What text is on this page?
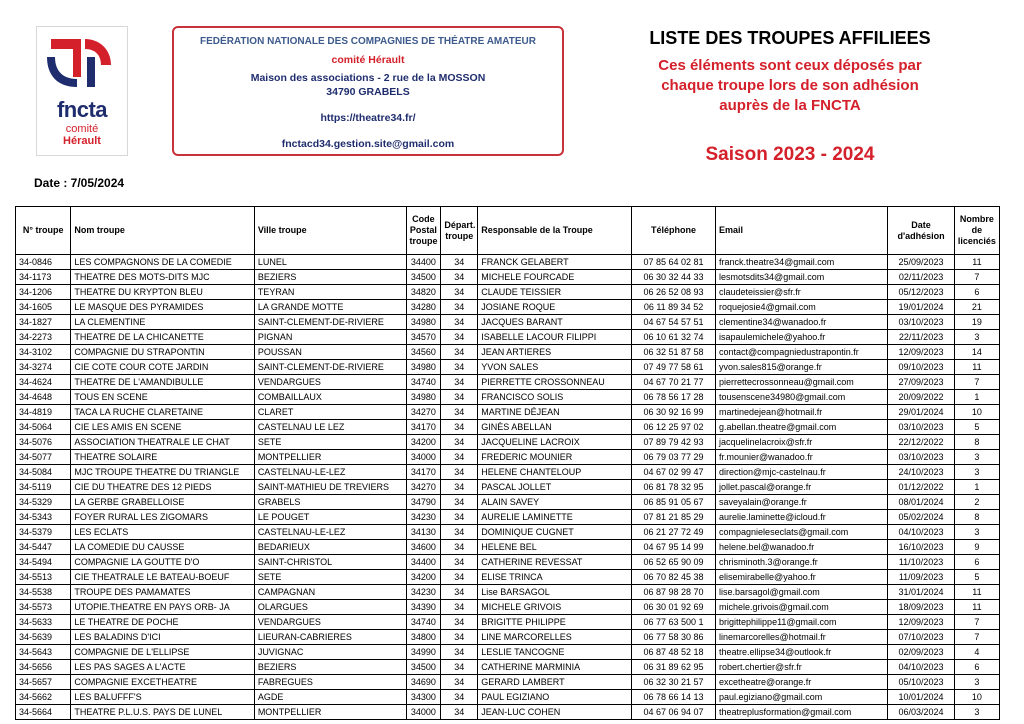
fncta
comité
Hérault
FEDÉRATION NATIONALE DES COMPAGNIES DE THÉATRE AMATEUR
comité Hérault
Maison des associations - 2 rue de la MOSSON
34790 GRABELS
https://theatre34.fr/
fnctacd34.gestion.site@gmail.com
LISTE DES TROUPES AFFILIEES
Ces éléments sont ceux déposés par
chaque troupe lors de son adhésion
auprès de la FNCTA
Saison 2023 - 2024
Date : 7/05/2024
N° troupe	Nom troupe	Ville troupe	Code Postal troupe	Départ. troupe	Responsable de la Troupe	Téléphone	Email	Date d'adhésion	Nombre de licenciés
34-0846	LES COMPAGNONS DE LA COMEDIE	LUNEL	34400	34	FRANCK GELABERT	07 85 64 02 81	franck.theatre34@gmail.com	25/09/2023	11
34-1173	THEATRE DES MOTS-DITS MJC	BEZIERS	34500	34	MICHELE FOURCADE	06 30 32 44 33	lesmotsdits34@gmail.com	02/11/2023	7
34-1206	THEATRE DU KRYPTON BLEU	TEYRAN	34820	34	CLAUDE TEISSIER	06 26 52 08 93	claudeteissier@sfr.fr	05/12/2023	6
34-1605	LE MASQUE DES PYRAMIDES	LA GRANDE MOTTE	34280	34	JOSIANE ROQUE	06 11 89 34 52	roquejosie4@gmail.com	19/01/2024	21
34-1827	LA CLEMENTINE	SAINT-CLEMENT-DE-RIVIERE	34980	34	JACQUES BARANT	04 67 54 57 51	clementine34@wanadoo.fr	03/10/2023	19
34-2273	THEATRE DE LA CHICANETTE	PIGNAN	34570	34	ISABELLE LACOUR FILIPPI	06 10 61 32 74	isapaulemichele@yahoo.fr	22/11/2023	3
34-3102	COMPAGNIE DU STRAPONTIN	POUSSAN	34560	34	JEAN ARTIERES	06 32 51 87 58	contact@compagniedustrapontin.fr	12/09/2023	14
34-3274	CIE COTE COUR COTE JARDIN	SAINT-CLEMENT-DE-RIVIERE	34980	34	YVON SALES	07 49 77 58 61	yvon.sales815@orange.fr	09/10/2023	11
34-4624	THEATRE DE L'AMANDIBULLE	VENDARGUES	34740	34	PIERRETTE CROSSONNEAU	04 67 70 21 77	pierrettecrossonneau@gmail.com	27/09/2023	7
34-4648	TOUS EN SCENE	COMBAILLAUX	34980	34	FRANCISCO SOLIS	06 78 56 17 28	tousenscene34980@gmail.com	20/09/2022	1
34-4819	TACA LA RUCHE CLARETAINE	CLARET	34270	34	MARTINE DÉJEAN	06 30 92 16 99	martinedejean@hotmail.fr	29/01/2024	10
34-5064	CIE LES AMIS EN SCENE	CASTELNAU LE LEZ	34170	34	GINÈS ABELLAN	06 12 25 97 02	g.abellan.theatre@gmail.com	03/10/2023	5
34-5076	ASSOCIATION THEATRALE LE CHAT	SETE	34200	34	JACQUELINE LACROIX	07 89 79 42 93	jacquelinelacroix@sfr.fr	22/12/2022	8
34-5077	THEATRE SOLAIRE	MONTPELLIER	34000	34	FREDERIC MOUNIER	06 79 03 77 29	fr.mounier@wanadoo.fr	03/10/2023	3
34-5084	MJC TROUPE THEATRE DU TRIANGLE	CASTELNAU-LE-LEZ	34170	34	HELENE CHANTELOUP	04 67 02 99 47	direction@mjc-castelnau.fr	24/10/2023	3
34-5119	CIE DU THEATRE DES 12 PIEDS	SAINT-MATHIEU DE TREVIERS	34270	34	PASCAL JOLLET	06 81 78 32 95	jollet.pascal@orange.fr	01/12/2022	1
34-5329	LA GERBE GRABELLOISE	GRABELS	34790	34	ALAIN SAVEY	06 85 91 05 67	saveyalain@orange.fr	08/01/2024	2
34-5343	FOYER RURAL LES ZIGOMARS	LE POUGET	34230	34	AURELIE LAMINETTE	07 81 21 85 29	aurelie.laminette@icloud.fr	05/02/2024	8
34-5379	LES ECLATS	CASTELNAU-LE-LEZ	34130	34	DOMINIQUE CUGNET	06 21 27 72 49	compagnieleseclats@gmail.com	04/10/2023	3
34-5447	LA COMEDIE DU CAUSSE	BEDARIEUX	34600	34	HELENE BEL	04 67 95 14 99	helene.bel@wanadoo.fr	16/10/2023	9
34-5494	COMPAGNIE LA GOUTTE D'O	SAINT-CHRISTOL	34400	34	CATHERINE REVESSAT	06 52 65 90 09	chrisminoth.3@orange.fr	11/10/2023	6
34-5513	CIE THEATRALE LE BATEAU-BOEUF	SETE	34200	34	ELISE TRINCA	06 70 82 45 38	elisemirabelle@yahoo.fr	11/09/2023	5
34-5538	TROUPE DES PAMAMATES	CAMPAGNAN	34230	34	Lise BARSAGOL	06 87 98 28 70	lise.barsagol@gmail.com	31/01/2024	11
34-5573	UTOPIE.THEATRE EN PAYS ORB- JA	OLARGUES	34390	34	MICHELE GRIVOIS	06 30 01 92 69	michele.grivois@gmail.com	18/09/2023	11
34-5633	LE THEATRE DE POCHE	VENDARGUES	34740	34	BRIGITTE PHILIPPE	06 77 63 500 1	brigittephilippe11@gmail.com	12/09/2023	7
34-5639	LES BALADINS D'ICI	LIEURAN-CABRIERES	34800	34	LINE MARCORELLES	06 77 58 30 86	linemarcorelles@hotmail.fr	07/10/2023	7
34-5643	COMPAGNIE DE L'ELLIPSE	JUVIGNAC	34990	34	LESLIE TANCOGNE	06 87 48 52 18	theatre.ellipse34@outlook.fr	02/09/2023	4
34-5656	LES PAS SAGES A L'ACTE	BEZIERS	34500	34	CATHERINE MARMINIA	06 31 89 62 95	robert.chertier@sfr.fr	04/10/2023	6
34-5657	COMPAGNIE EXCETHEATRE	FABREGUES	34690	34	GERARD LAMBERT	06 32 30 21 57	excetheatre@orange.fr	05/10/2023	3
34-5662	LES BALUFFF'S	AGDE	34300	34	PAUL EGIZIANO	06 78 66 14 13	paul.egiziano@gmail.com	10/01/2024	10
34-5664	THEATRE P.L.U.S. PAYS DE LUNEL	MONTPELLIER	34000	34	JEAN-LUC COHEN	04 67 06 94 07	theatreplusformation@gmail.com	06/03/2024	3
